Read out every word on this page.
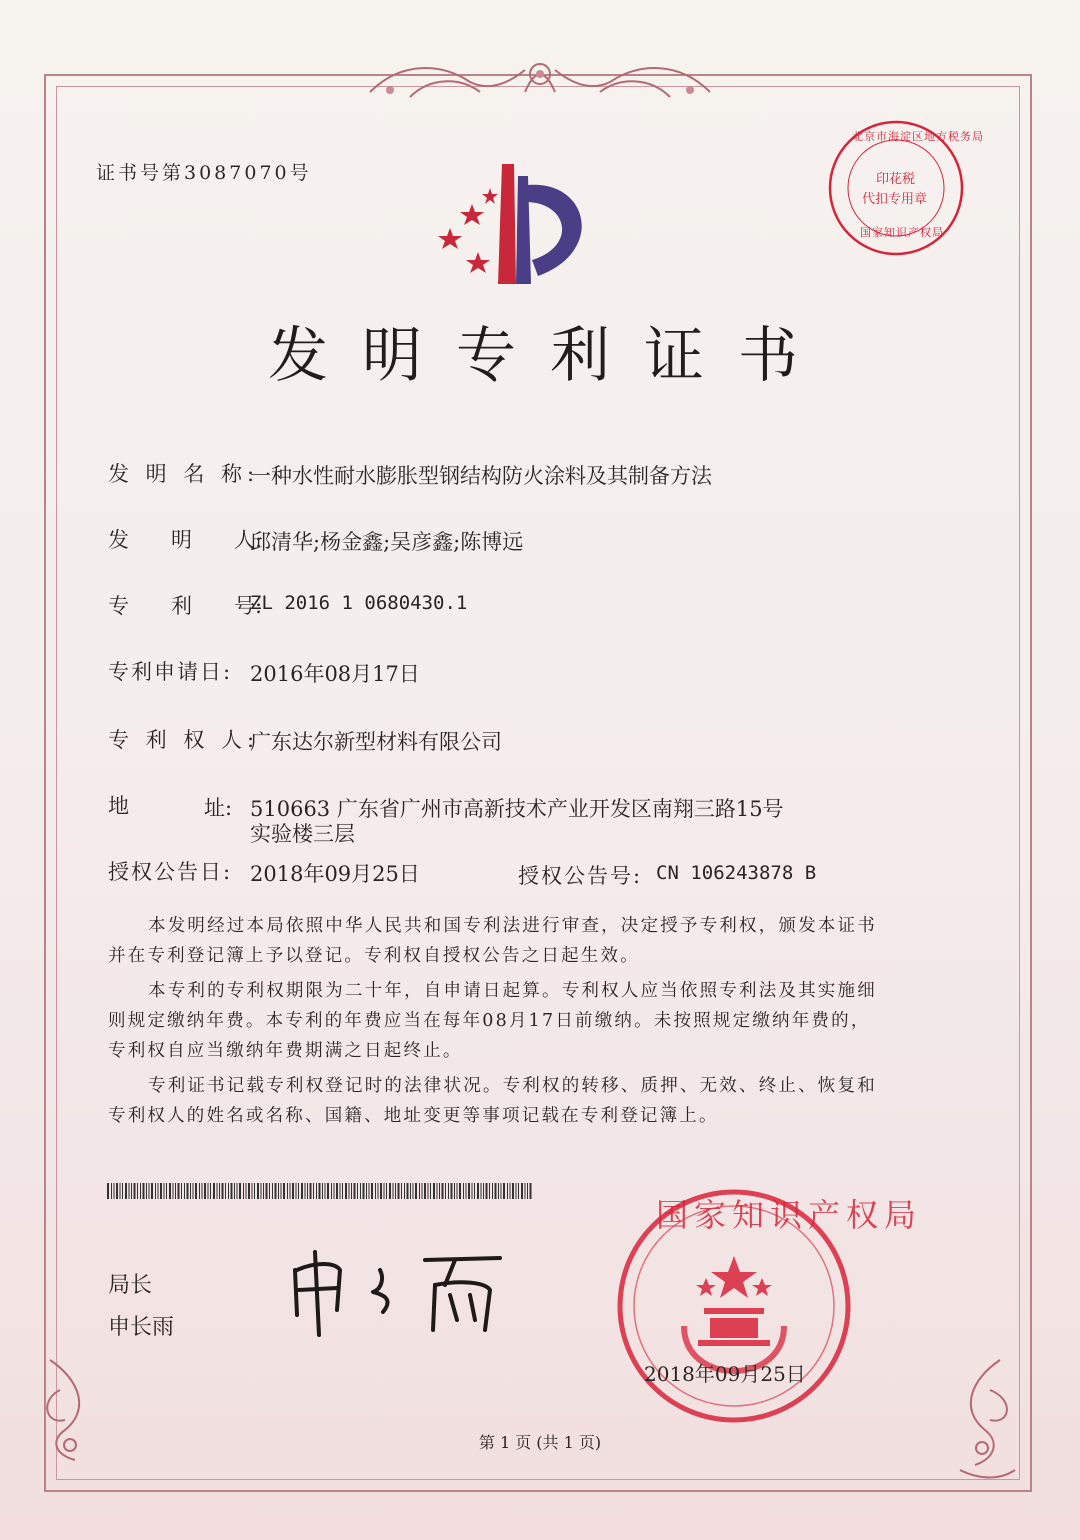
证书号第3087070号
北京市海淀区地方税务局
印花税
代扣专用章
国家知识产权局
发明专利证书
发 明 名 称:
一种水性耐水膨胀型钢结构防火涂料及其制备方法
发　　明　　人:
邱清华;杨金鑫;吴彦鑫;陈博远
专　　利　　号:
ZL 2016 1 0680430.1
专利申请日: 2016年08月17日
专 利 权 人:
广东达尔新型材料有限公司
地	址: 510663 广东省广州市高新技术产业开发区南翔三路15号
实验楼三层
授权公告日: 2018年09月25日	授权公告号: CN 106243878 B
本发明经过本局依照中华人民共和国专利法进行审查，决定授予专利权，颁发本证书
并在专利登记簿上予以登记。专利权自授权公告之日起生效。
本专利的专利权期限为二十年，自申请日起算。专利权人应当依照专利法及其实施细
则规定缴纳年费。本专利的年费应当在每年08月17日前缴纳。未按照规定缴纳年费的，
专利权自应当缴纳年费期满之日起终止。
专利证书记载专利权登记时的法律状况。专利权的转移、质押、无效、终止、恢复和
专利权人的姓名或名称、国籍、地址变更等事项记载在专利登记簿上。
局长
申长雨
国家知识产权局
2018年09月25日
第 1 页 (共 1 页)
